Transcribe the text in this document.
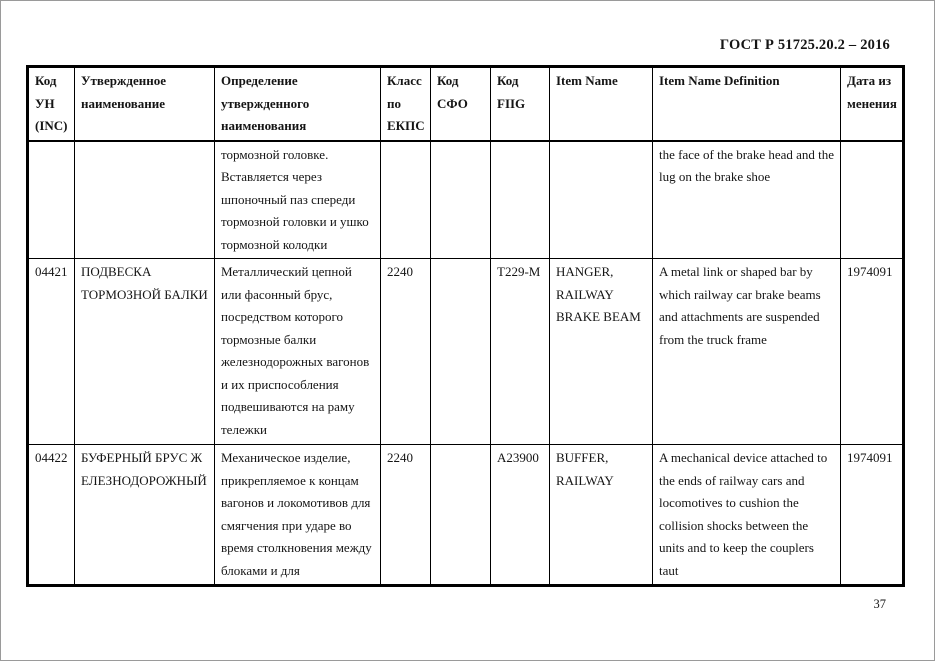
ГОСТ Р 51725.20.2 – 2016
Код УН (INC)	Утвержденное наименование	Определение утвержденного наименования	Класс по ЕКПС	Код СФО	Код FIIG	Item Name	Item Name Definition	Дата изменения
		тормозной головке. Вставляется через шпоночный паз спереди тормозной головки и ушко тормозной колодки					the face of the brake head and the lug on the brake shoe	
04421	ПОДВЕСКА ТОРМОЗНОЙ БАЛКИ	Металлический цепной или фасонный брус, посредством которого тормозные балки железнодорожных вагонов и их приспособления подвешиваются на раму тележки	2240		T229-M	HANGER, RAILWAY BRAKE BEAM	A metal link or shaped bar by which railway car brake beams and attachments are suspended from the truck frame	1974091
04422	БУФЕРНЫЙ БРУС ЖЕЛЕЗНОДОРОЖНЫЙ	Механическое изделие, прикрепляемое к концам вагонов и локомотивов для смягчения при ударе во время столкновения между блоками и для	2240		A23900	BUFFER, RAILWAY	A mechanical device attached to the ends of railway cars and locomotives to cushion the collision shocks between the units and to keep the couplers taut	1974091
37
